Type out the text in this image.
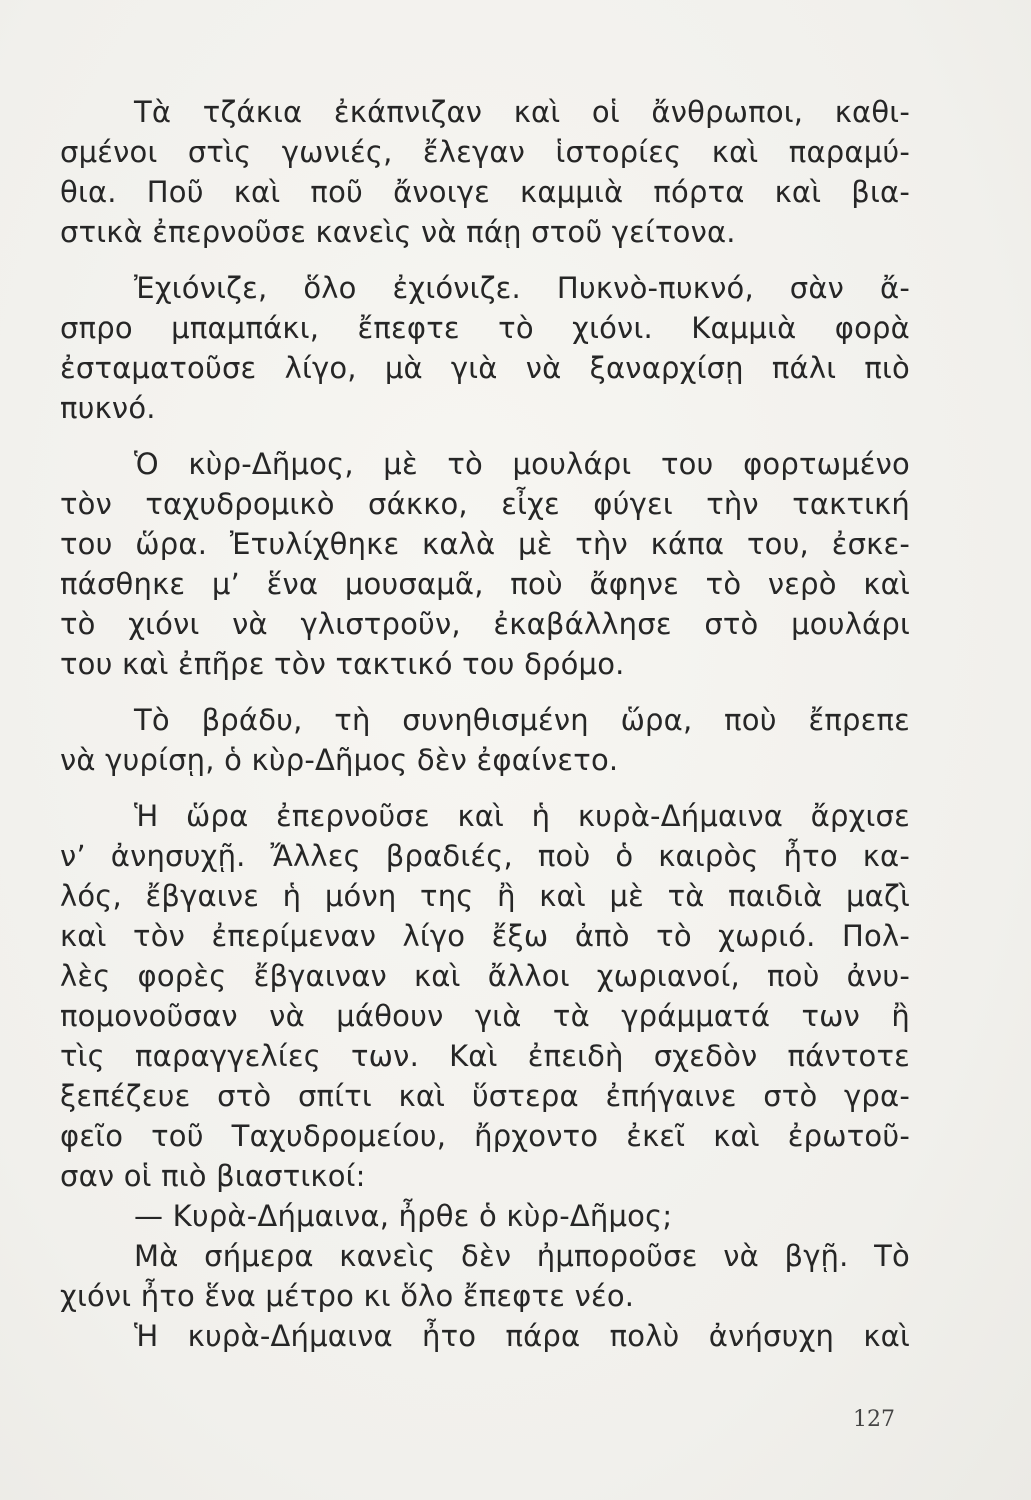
Τὰ τζάκια ἐκάπνιζαν καὶ οἱ ἄνθρωποι, καθι-
σμένοι στὶς γωνιές, ἔλεγαν ἱστορίες καὶ παραμύ-
θια. Ποῦ καὶ ποῦ ἄνοιγε καμμιὰ πόρτα καὶ βια-
στικὰ ἐπερνοῦσε κανεὶς νὰ πάῃ στοῦ γείτονα.
Ἐχιόνιζε, ὅλο ἐχιόνιζε. Πυκνὸ-πυκνό, σὰν ἄ-
σπρο μπαμπάκι, ἔπεφτε τὸ χιόνι. Καμμιὰ φορὰ
ἐσταματοῦσε λίγο, μὰ γιὰ νὰ ξαναρχίσῃ πάλι πιὸ
πυκνό.
Ὁ κὺρ-Δῆμος, μὲ τὸ μουλάρι του φορτωμένο
τὸν ταχυδρομικὸ σάκκο, εἶχε φύγει τὴν τακτική
του ὥρα. Ἐτυλίχθηκε καλὰ μὲ τὴν κάπα του, ἐσκε-
πάσθηκε μ’ ἕνα μουσαμᾶ, ποὺ ἄφηνε τὸ νερὸ καὶ
τὸ χιόνι νὰ γλιστροῦν, ἐκαβάλλησε στὸ μουλάρι
του καὶ ἐπῆρε τὸν τακτικό του δρόμο.
Τὸ βράδυ, τὴ συνηθισμένη ὥρα, ποὺ ἔπρεπε
νὰ γυρίσῃ, ὁ κὺρ-Δῆμος δὲν ἐφαίνετο.
Ἡ ὥρα ἐπερνοῦσε καὶ ἡ κυρὰ-Δήμαινα ἄρχισε
ν’ ἀνησυχῇ. Ἄλλες βραδιές, ποὺ ὁ καιρὸς ἦτο κα-
λός, ἔβγαινε ἡ μόνη της ἢ καὶ μὲ τὰ παιδιὰ μαζὶ
καὶ τὸν ἐπερίμεναν λίγο ἔξω ἀπὸ τὸ χωριό. Πολ-
λὲς φορὲς ἔβγαιναν καὶ ἄλλοι χωριανοί, ποὺ ἀνυ-
πομονοῦσαν νὰ μάθουν γιὰ τὰ γράμματά των ἢ
τὶς παραγγελίες των. Καὶ ἐπειδὴ σχεδὸν πάντοτε
ξεπέζευε στὸ σπίτι καὶ ὕστερα ἐπήγαινε στὸ γρα-
φεῖο τοῦ Ταχυδρομείου, ἤρχοντο ἐκεῖ καὶ ἐρωτοῦ-
σαν οἱ πιὸ βιαστικοί:
— Κυρὰ-Δήμαινα, ἦρθε ὁ κὺρ-Δῆμος;
Μὰ σήμερα κανεὶς δὲν ἠμποροῦσε νὰ βγῇ. Τὸ
χιόνι ἦτο ἕνα μέτρο κι ὅλο ἔπεφτε νέο.
Ἡ κυρὰ-Δήμαινα ἦτο πάρα πολὺ ἀνήσυχη καὶ
127
